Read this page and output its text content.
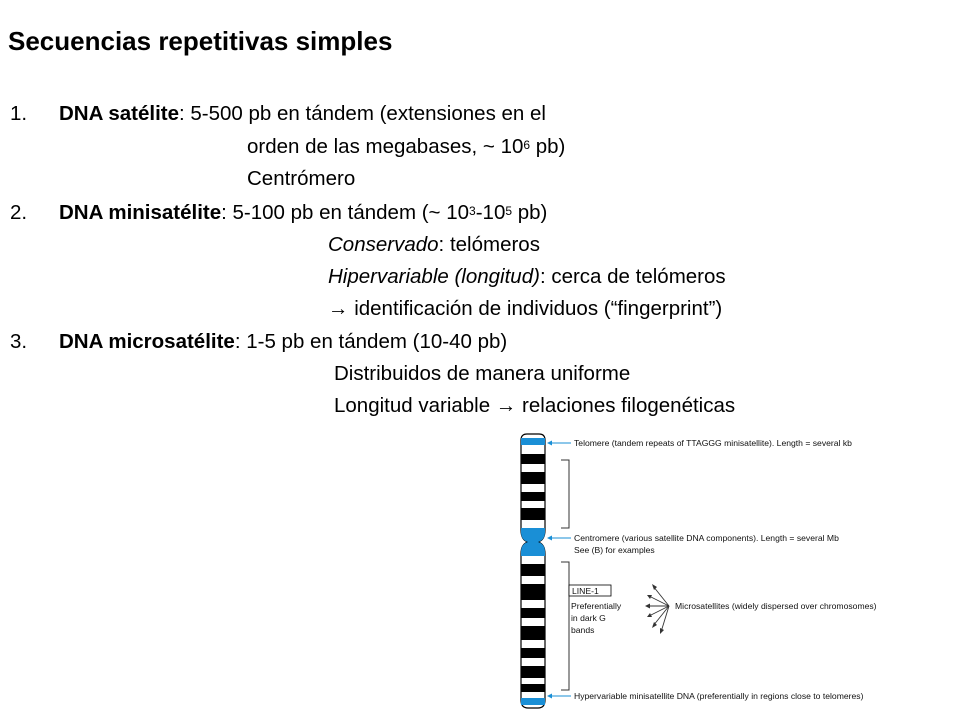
Secuencias repetitivas simples
1. DNA satélite: 5-500 pb en tándem (extensiones en el
orden de las megabases, ~ $10^6$ pb)
Centrómero
2. DNA minisatélite: 5-100 pb en tándem (~ $10^3-10^5$ pb)
Conservado: telómeros
Hipervariable (longitud): cerca de telómeros
→ identificación de individuos (“fingerprint”)
3. DNA microsatélite: 1-5 pb en tándem (10-40 pb)
Distribuidos de manera uniforme
Longitud variable → relaciones filogenéticas
Telomere (tandem repeats of TTAGGG minisatellite). Length = several kb
Centromere (various satellite DNA components). Length = several Mb
See (B) for examples
LINE-1
Preferentially
in dark G
bands
Microsatellites (widely dispersed over chromosomes)
Hypervariable minisatellite DNA (preferentially in regions close to telomeres)
